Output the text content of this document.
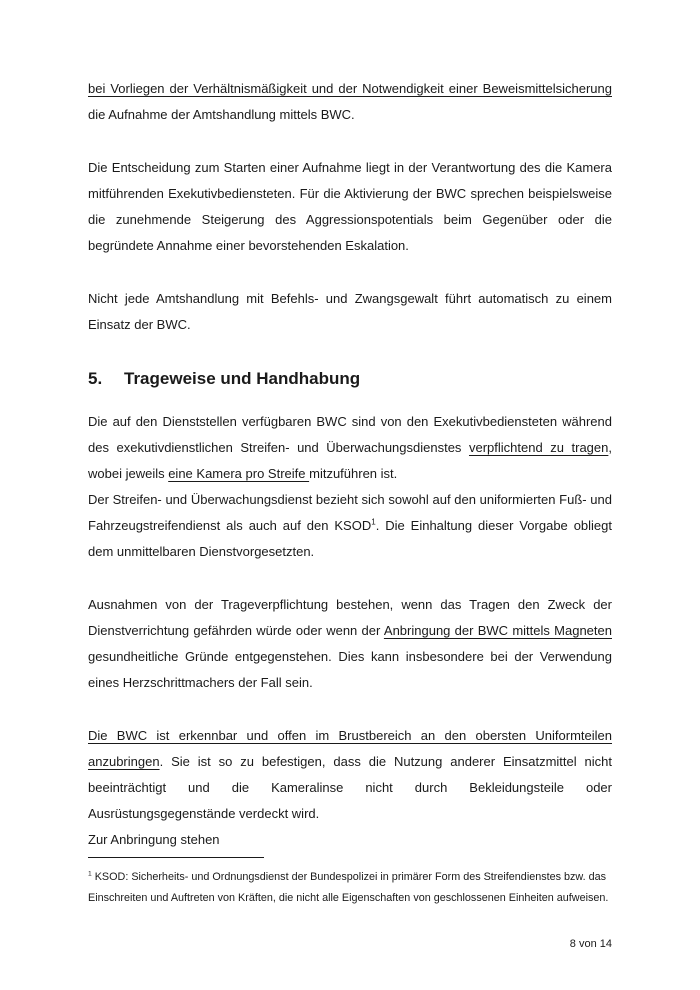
bei Vorliegen der Verhältnismäßigkeit und der Notwendigkeit einer Beweismittelsicherung die Aufnahme der Amtshandlung mittels BWC.

Die Entscheidung zum Starten einer Aufnahme liegt in der Verantwortung des die Kamera mitführenden Exekutivbediensteten. Für die Aktivierung der BWC sprechen beispielsweise die zunehmende Steigerung des Aggressionspotentials beim Gegenüber oder die begründete Annahme einer bevorstehenden Eskalation.

Nicht jede Amtshandlung mit Befehls- und Zwangsgewalt führt automatisch zu einem Einsatz der BWC.

5. Trageweise und Handhabung

Die auf den Dienststellen verfügbaren BWC sind von den Exekutivbediensteten während des exekutivdienstlichen Streifen- und Überwachungsdienstes verpflichtend zu tragen, wobei jeweils eine Kamera pro Streife mitzuführen ist.

Der Streifen- und Überwachungsdienst bezieht sich sowohl auf den uniformierten Fuß- und Fahrzeugstreifendienst als auch auf den KSOD$^1$. Die Einhaltung dieser Vorgabe obliegt dem unmittelbaren Dienstvorgesetzten.

Ausnahmen von der Trageverpflichtung bestehen, wenn das Tragen den Zweck der Dienstverrichtung gefährden würde oder wenn der Anbringung der BWC mittels Magneten gesundheitliche Gründe entgegenstehen. Dies kann insbesondere bei der Verwendung eines Herzschrittmachers der Fall sein.

Die BWC ist erkennbar und offen im Brustbereich an den obersten Uniformteilen anzubringen. Sie ist so zu befestigen, dass die Nutzung anderer Einsatzmittel nicht beeinträchtigt und die Kameralinse nicht durch Bekleidungsteile oder Ausrüstungsgegenstände verdeckt wird.

Zur Anbringung stehen

$^1$ KSOD: Sicherheits- und Ordnungsdienst der Bundespolizei in primärer Form des Streifendienstes bzw. das Einschreiten und Auftreten von Kräften, die nicht alle Eigenschaften von geschlossenen Einheiten aufweisen.

8 von 14
